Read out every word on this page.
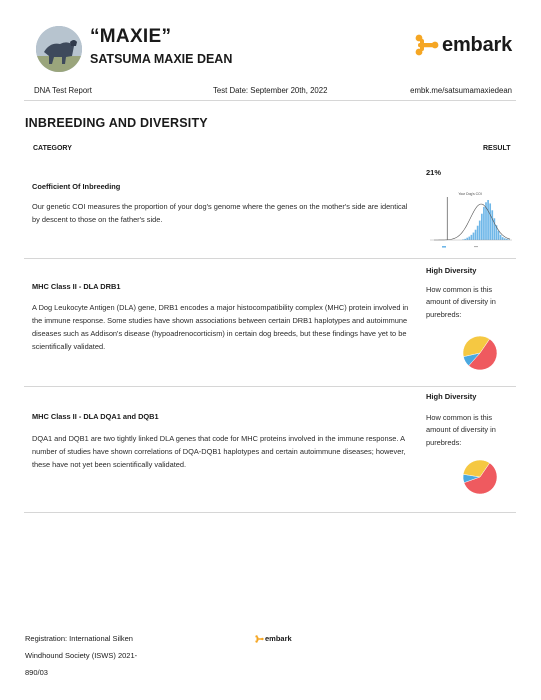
“MAXIE”
SATSUMA MAXIE DEAN
embark
DNA Test Report	Test Date: September 20th, 2022	embk.me/satsumamaxiedean
INBREEDING AND DIVERSITY
CATEGORY	RESULT
Coefficient Of Inbreeding
Our genetic COI measures the proportion of your dog's genome where the genes on the mother's side are identical by descent to those on the father's side.
21%
Your Dog's COI
MHC Class II - DLA DRB1
A Dog Leukocyte Antigen (DLA) gene, DRB1 encodes a major histocompatibility complex (MHC) protein involved in the immune response. Some studies have shown associations between certain DRB1 haplotypes and autoimmune diseases such as Addison's disease (hypoadrenocorticism) in certain dog breeds, but these findings have yet to be scientifically validated.
High Diversity
How common is this amount of diversity in purebreds:
MHC Class II - DLA DQA1 and DQB1
DQA1 and DQB1 are two tightly linked DLA genes that code for MHC proteins involved in the immune response. A number of studies have shown correlations of DQA-DQB1 haplotypes and certain autoimmune diseases; however, these have not yet been scientifically validated.
High Diversity
How common is this amount of diversity in purebreds:
Registration: International Silken
Windhound Society (ISWS) 2021-
890/03
embark
